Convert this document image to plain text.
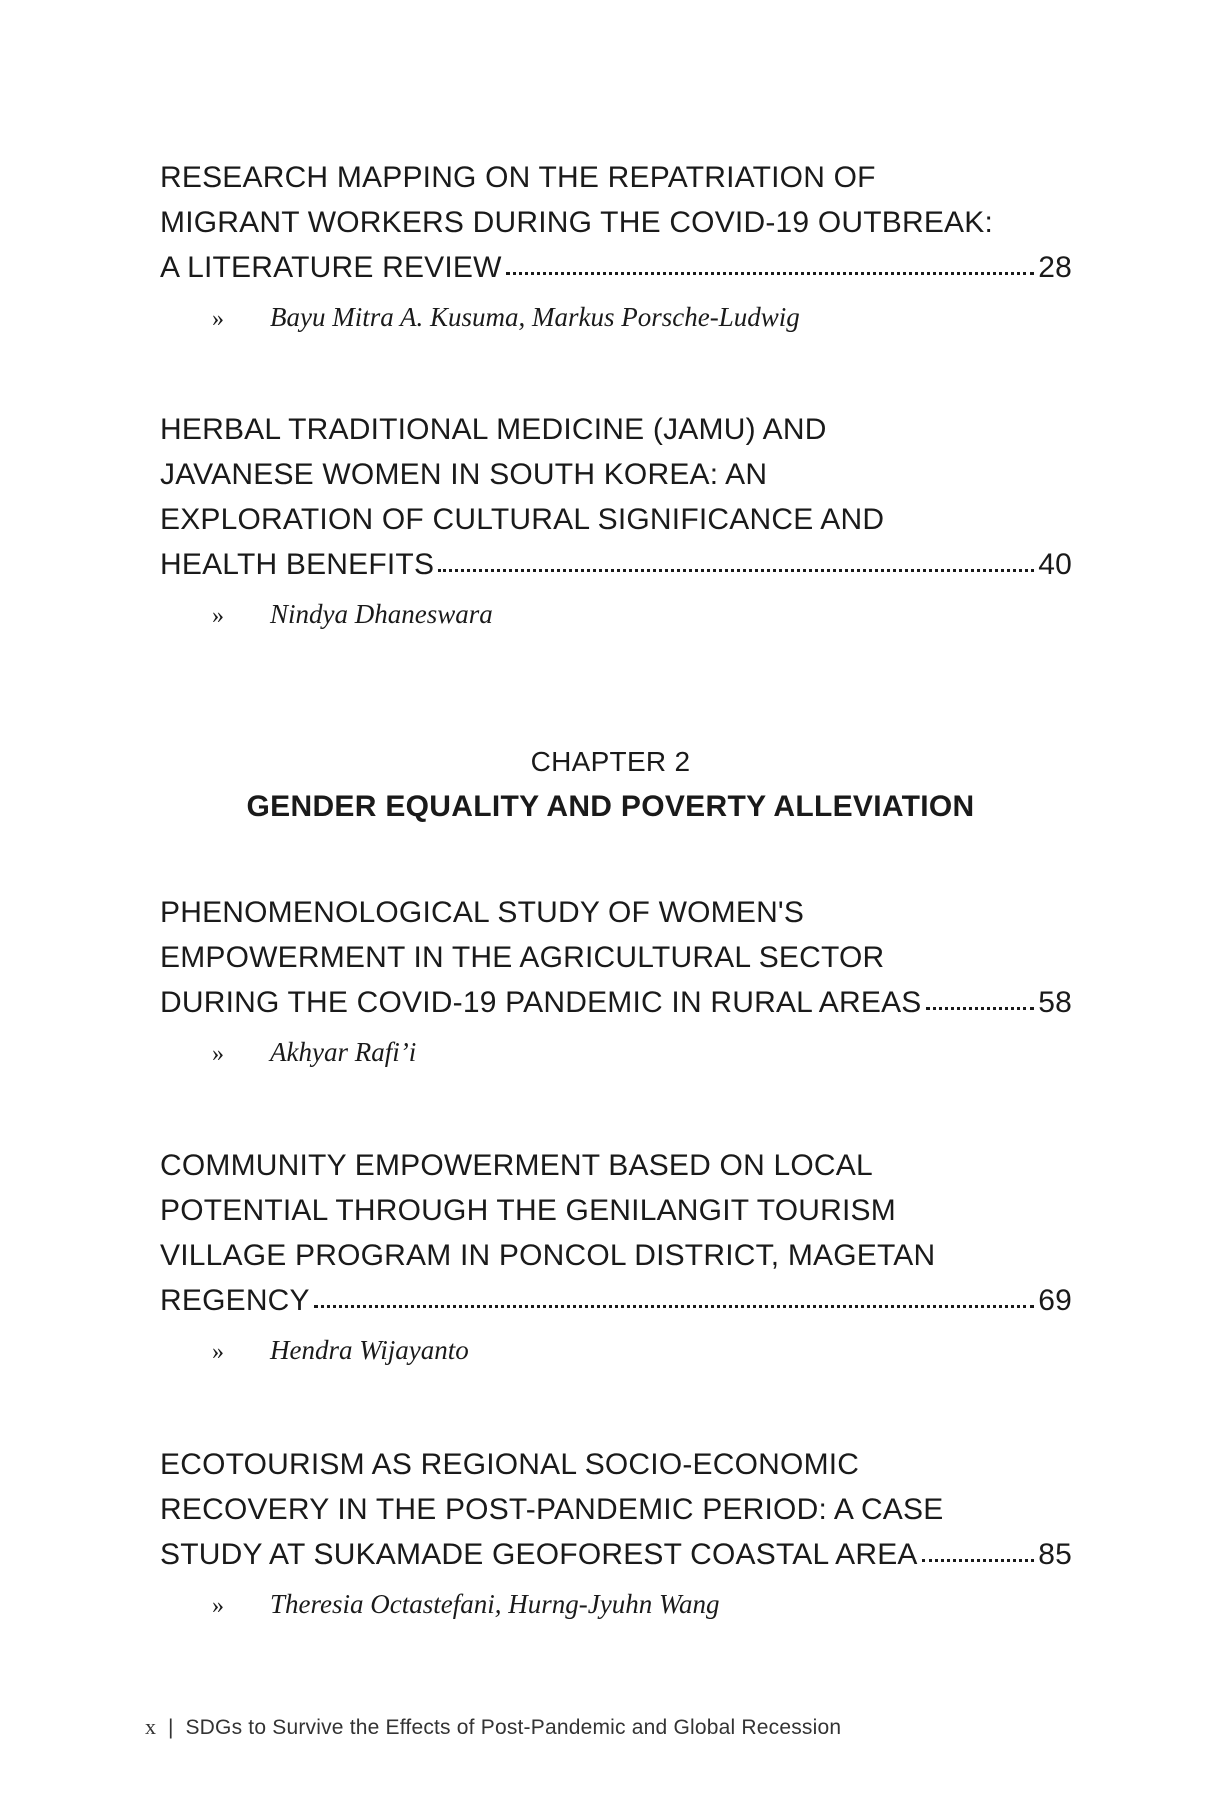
RESEARCH MAPPING ON THE REPATRIATION OF
MIGRANT WORKERS DURING THE COVID-19 OUTBREAK:
A LITERATURE REVIEW	28
»	Bayu Mitra A. Kusuma, Markus Porsche-Ludwig
HERBAL TRADITIONAL MEDICINE (JAMU) AND
JAVANESE WOMEN IN SOUTH KOREA: AN
EXPLORATION OF CULTURAL SIGNIFICANCE AND
HEALTH BENEFITS	40
»	Nindya Dhaneswara
CHAPTER 2
GENDER EQUALITY AND POVERTY ALLEVIATION
PHENOMENOLOGICAL STUDY OF WOMEN'S
EMPOWERMENT IN THE AGRICULTURAL SECTOR
DURING THE COVID-19 PANDEMIC IN RURAL AREAS	58
»	Akhyar Rafi’i
COMMUNITY EMPOWERMENT BASED ON LOCAL
POTENTIAL THROUGH THE GENILANGIT TOURISM
VILLAGE PROGRAM IN PONCOL DISTRICT, MAGETAN
REGENCY	69
»	Hendra Wijayanto
ECOTOURISM AS REGIONAL SOCIO-ECONOMIC
RECOVERY IN THE POST-PANDEMIC PERIOD: A CASE
STUDY AT SUKAMADE GEOFOREST COASTAL AREA	85
»	Theresia Octastefani, Hurng-Jyuhn Wang
x | SDGs to Survive the Effects of Post-Pandemic and Global Recession
